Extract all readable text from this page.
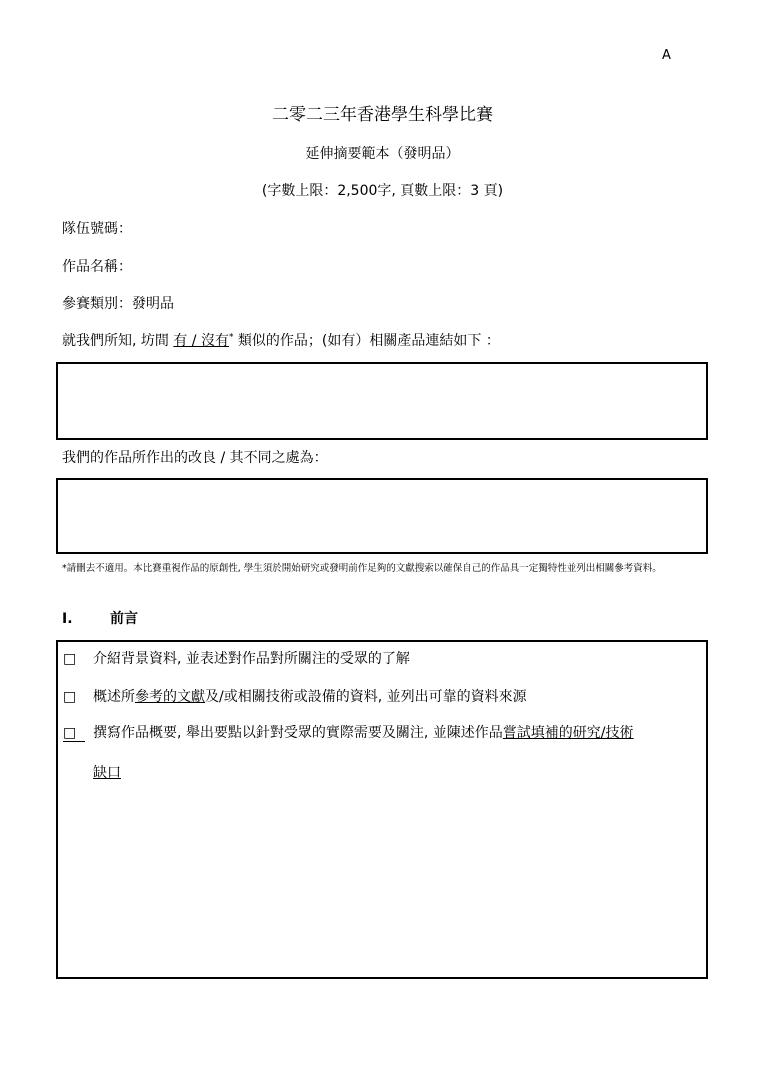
A
二零二三年香港學生科學比賽
延伸摘要範本（發明品）
(字數上限：2,500字, 頁數上限：3 頁)
隊伍號碼：
作品名稱：
參賽類別：發明品
就我們所知, 坊間 有 / 沒有* 類似的作品；(如有）相關產品連結如下 ：
我們的作品所作出的改良 / 其不同之處為：
*請刪去不適用。本比賽重視作品的原創性, 學生須於開始研究或發明前作足夠的文獻搜索以確保自己的作品具一定獨特性並列出相關參考資料。
I.	前言
□ 介紹背景資料, 並表述對作品對所關注的受眾的了解
□ 概述所參考的文獻及/或相關技術或設備的資料, 並列出可靠的資料來源
□ 撰寫作品概要, 舉出要點以針對受眾的實際需要及關注, 並陳述作品嘗試填補的研究/技術
缺口
